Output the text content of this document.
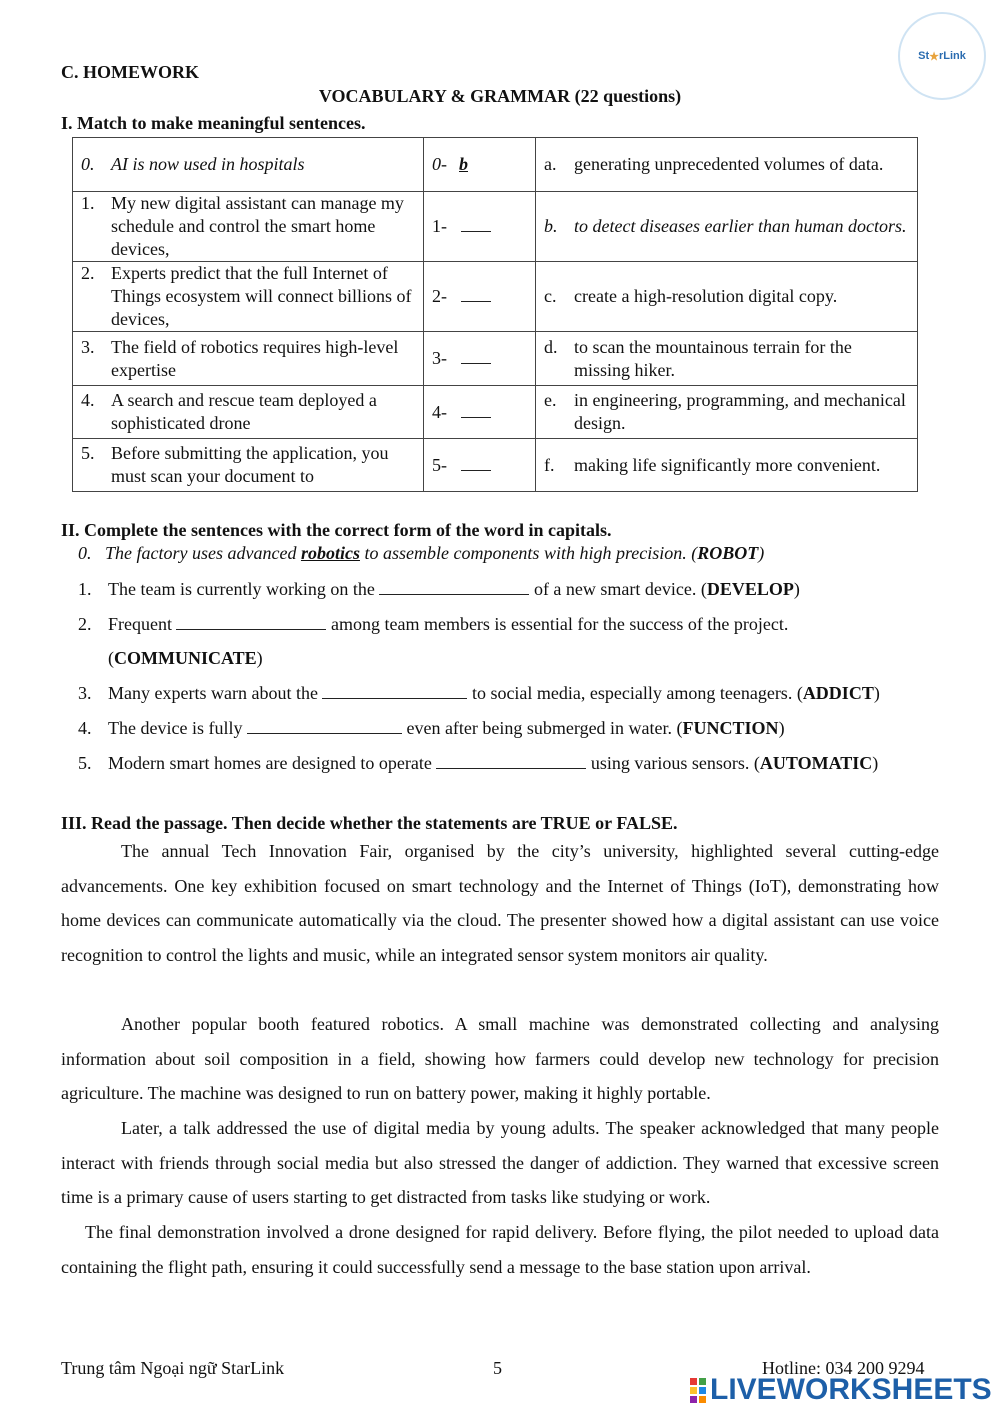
St ★ rLink
C. HOMEWORK
VOCABULARY & GRAMMAR (22 questions)
I. Match to make meaningful sentences.
0. AI is now used in hospitals	0- b	a. generating unprecedented volumes of data.

1. My new digital assistant can manage my schedule and control the smart home devices,	1-	b. to detect diseases earlier than human doctors.

2. Experts predict that the full Internet of Things ecosystem will connect billions of devices,	2-	c. create a high-resolution digital copy.

3. The field of robotics requires high-level expertise	3-	d. to scan the mountainous terrain for the missing hiker.

4. A search and rescue team deployed a sophisticated drone	4-	e. in engineering, programming, and mechanical design.

5. Before submitting the application, you must scan your document to	5-	f. making life significantly more convenient.
II. Complete the sentences with the correct form of the word in capitals.
0. The factory uses advanced robotics to assemble components with high precision. (ROBOT)
1. The team is currently working on the	of a new smart device. (DEVELOP)
2. Frequent	among team members is essential for the success of the project.
(COMMUNICATE)
3. Many experts warn about the	to social media, especially among teenagers. (ADDICT)
4. The device is fully	even after being submerged in water. (FUNCTION)
5. Modern smart homes are designed to operate	using various sensors. (AUTOMATIC)
III. Read the passage. Then decide whether the statements are TRUE or FALSE.
The annual Tech Innovation Fair, organised by the city’s university, highlighted several cutting-edge advancements. One key exhibition focused on smart technology and the Internet of Things (IoT), demonstrating how home devices can communicate automatically via the cloud. The presenter showed how a digital assistant can use voice recognition to control the lights and music, while an integrated sensor system monitors air quality.
Another popular booth featured robotics. A small machine was demonstrated collecting and analysing information about soil composition in a field, showing how farmers could develop new technology for precision agriculture. The machine was designed to run on battery power, making it highly portable.
Later, a talk addressed the use of digital media by young adults. The speaker acknowledged that many people interact with friends through social media but also stressed the danger of addiction. They warned that excessive screen time is a primary cause of users starting to get distracted from tasks like studying or work.
The final demonstration involved a drone designed for rapid delivery. Before flying, the pilot needed to upload data containing the flight path, ensuring it could successfully send a message to the base station upon arrival.
Trung tâm Ngoại ngữ StarLink	5	Hotline: 034 200 9294
LIVEWORKSHEETS
